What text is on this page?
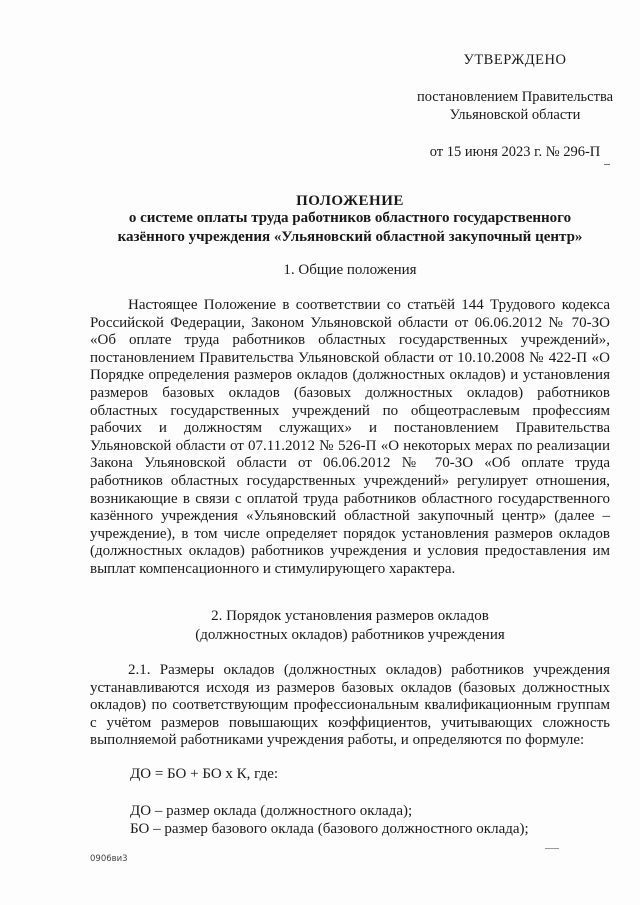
УТВЕРЖДЕНО
постановлением Правительства
Ульяновской области
от 15 июня 2023 г. № 296-П
ПОЛОЖЕНИЕ
о системе оплаты труда работников областного государственного
казённого учреждения «Ульяновский областной закупочный центр»
1. Общие положения

Настоящее Положение в соответствии со статьёй 144 Трудового кодекса Российской Федерации, Законом Ульяновской области от 06.06.2012 № 70-ЗО «Об оплате труда работников областных государственных учреждений», постановлением Правительства Ульяновской области от 10.10.2008 № 422-П «О Порядке определения размеров окладов (должностных окладов) и установления размеров базовых окладов (базовых должностных окладов) работников областных государственных учреждений по общеотраслевым профессиям рабочих и должностям служащих» и постановлением Правительства Ульяновской области от 07.11.2012 № 526-П «О некоторых мерах по реализации Закона Ульяновской области от 06.06.2012 № 70-ЗО «Об оплате труда работников областных государственных учреждений» регулирует отношения, возникающие в связи с оплатой труда работников областного государственного казённого учреждения «Ульяновский областной закупочный центр» (далее – учреждение), в том числе определяет порядок установления размеров окладов (должностных окладов) работников учреждения и условия предоставления им выплат компенсационного и стимулирующего характера.

2. Порядок установления размеров окладов
(должностных окладов) работников учреждения

2.1. Размеры окладов (должностных окладов) работников учреждения устанавливаются исходя из размеров базовых окладов (базовых должностных окладов) по соответствующим профессиональным квалификационным группам с учётом размеров повышающих коэффициентов, учитывающих сложность выполняемой работниками учреждения работы, и определяются по формуле:

ДО = БО + БО х К, где:
ДО – размер оклада (должностного оклада);
БО – размер базового оклада (базового должностного оклада);
0906ви3
